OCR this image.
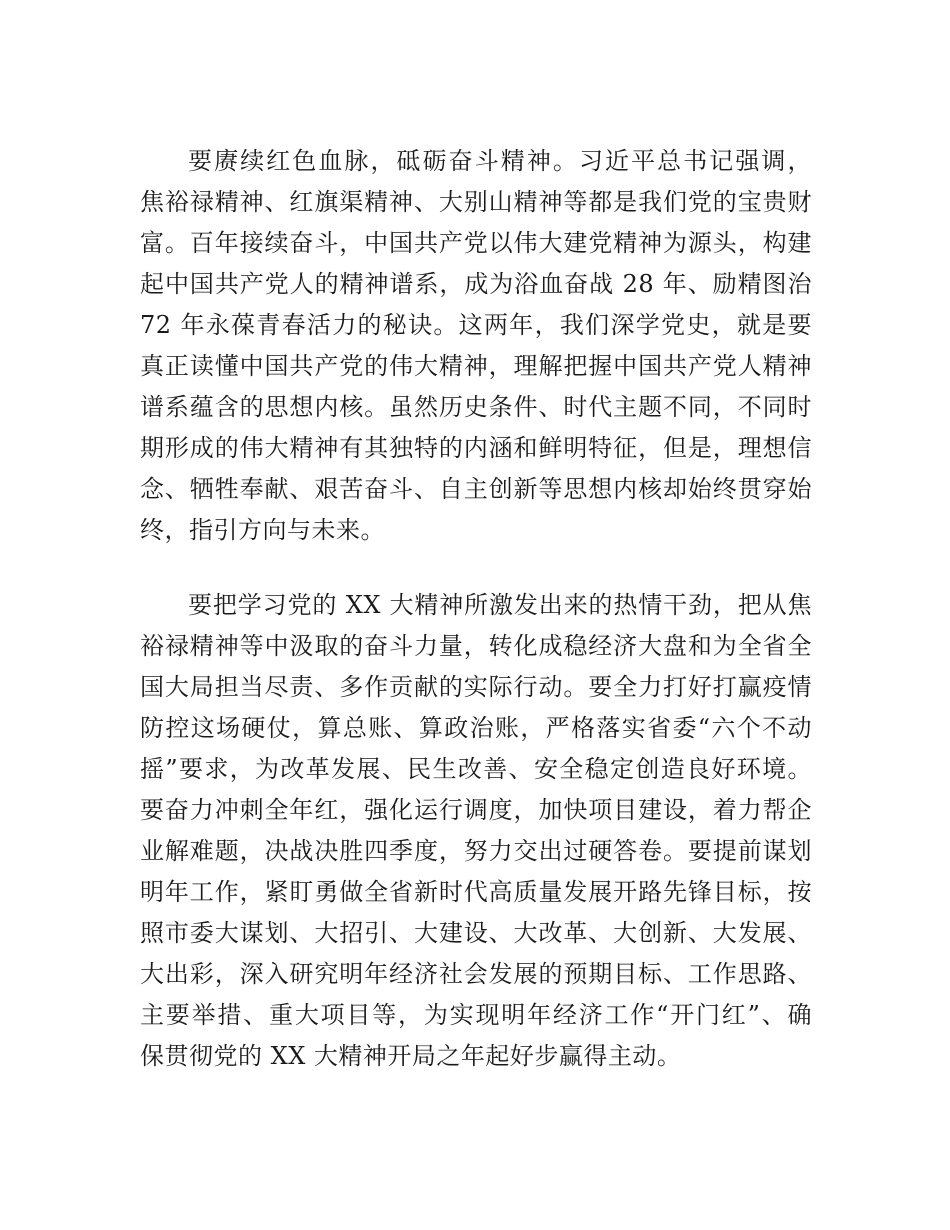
要赓续红色血脉，砥砺奋斗精神。习近平总书记强调，
焦裕禄精神、红旗渠精神、大别山精神等都是我们党的宝贵财
富。百年接续奋斗，中国共产党以伟大建党精神为源头，构建
起中国共产党人的精神谱系，成为浴血奋战 28 年、励精图治
72 年永葆青春活力的秘诀。这两年，我们深学党史，就是要
真正读懂中国共产党的伟大精神，理解把握中国共产党人精神
谱系蕴含的思想内核。虽然历史条件、时代主题不同，不同时
期形成的伟大精神有其独特的内涵和鲜明特征，但是，理想信
念、牺牲奉献、艰苦奋斗、自主创新等思想内核却始终贯穿始
终，指引方向与未来。
要把学习党的 XX 大精神所激发出来的热情干劲，把从焦
裕禄精神等中汲取的奋斗力量，转化成稳经济大盘和为全省全
国大局担当尽责、多作贡献的实际行动。要全力打好打赢疫情
防控这场硬仗，算总账、算政治账，严格落实省委“六个不动
摇”要求，为改革发展、民生改善、安全稳定创造良好环境。
要奋力冲刺全年红，强化运行调度，加快项目建设，着力帮企
业解难题，决战决胜四季度，努力交出过硬答卷。要提前谋划
明年工作，紧盯勇做全省新时代高质量发展开路先锋目标，按
照市委大谋划、大招引、大建设、大改革、大创新、大发展、
大出彩，深入研究明年经济社会发展的预期目标、工作思路、
主要举措、重大项目等，为实现明年经济工作“开门红”、确
保贯彻党的 XX 大精神开局之年起好步赢得主动。
